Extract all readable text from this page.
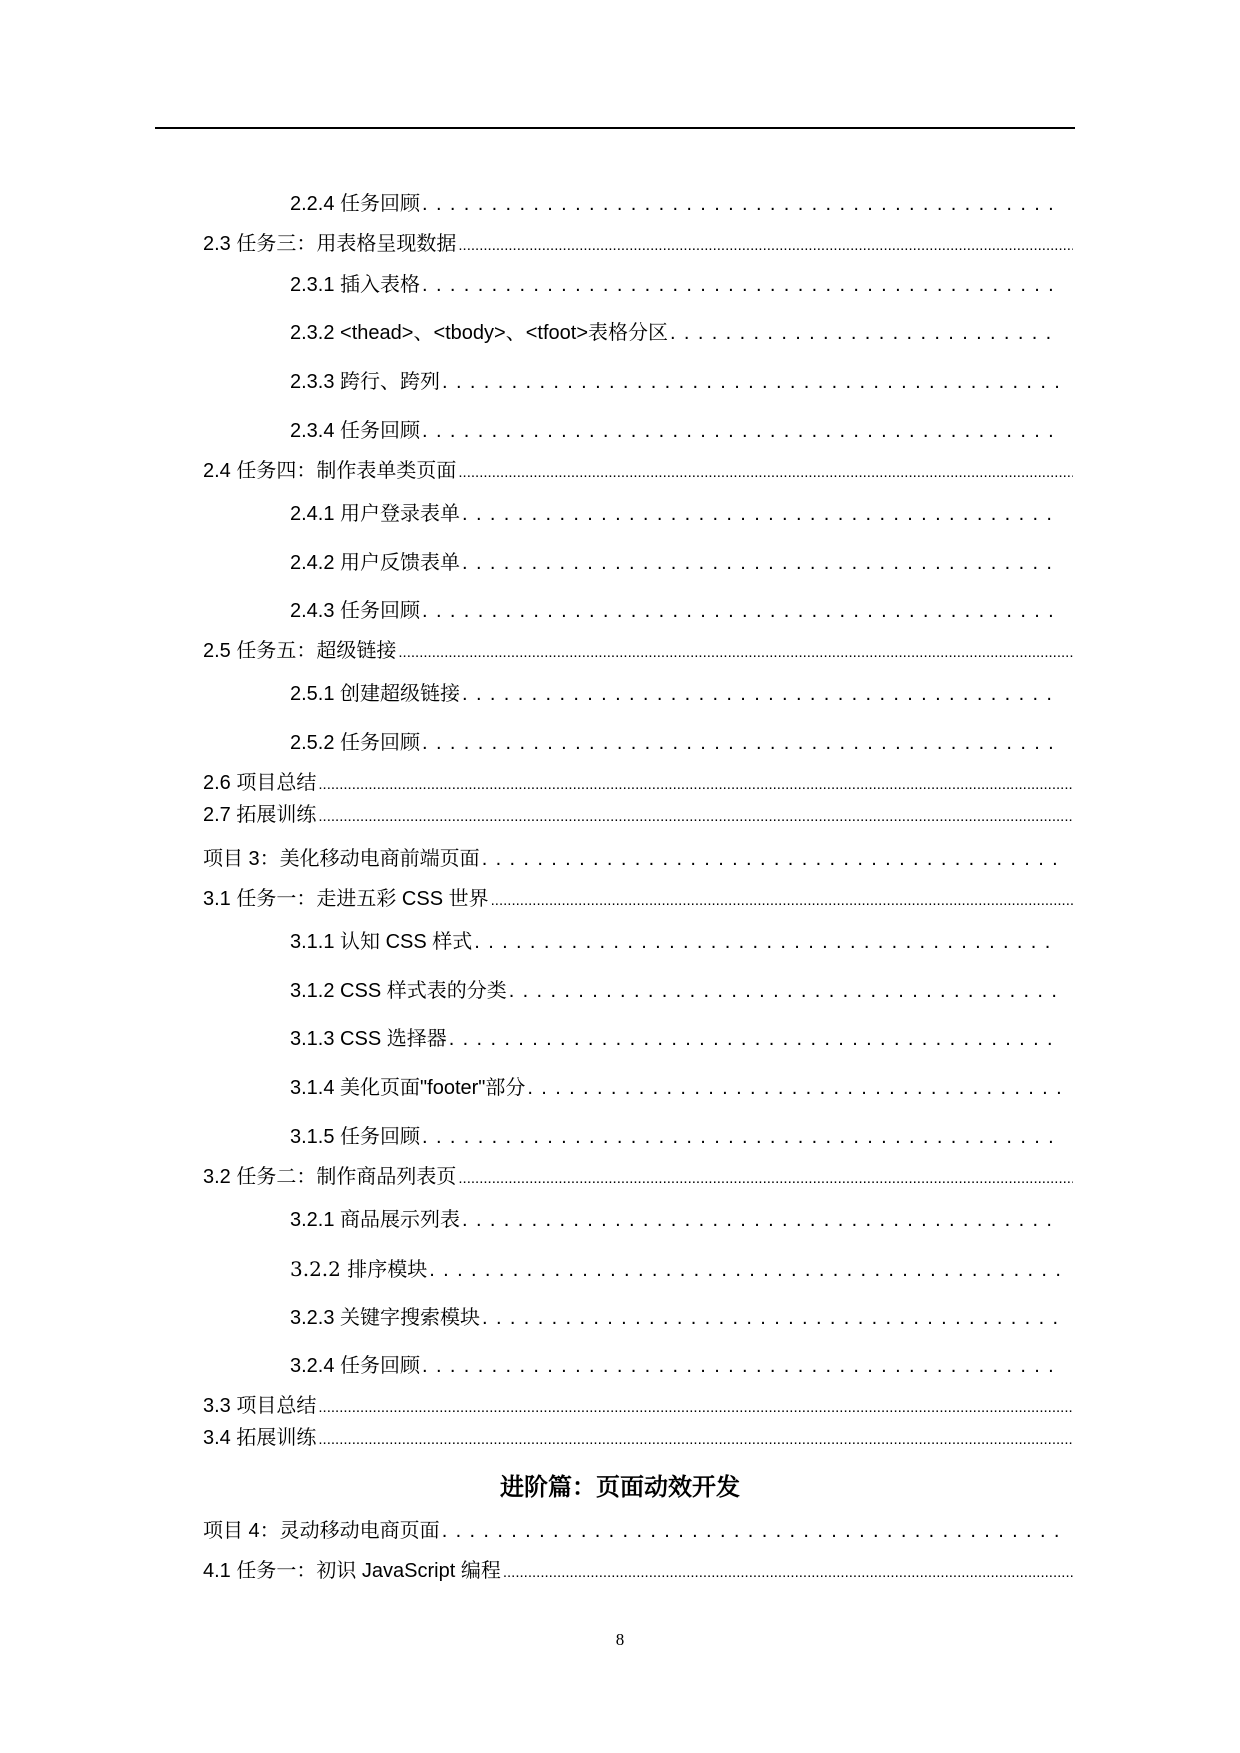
2.2.4 任务回顾
. . .
2.3 任务三：用表格呈现数据
.....
2.3.1 插入表格
. . .
2.3.2 <thead>、<tbody>、<tfoot>表格分区
. . .
2.3.3 跨行、跨列
. . .
2.3.4 任务回顾
. . .
2.4 任务四：制作表单类页面
.....
2.4.1 用户登录表单
. . .
2.4.2 用户反馈表单
. . .
2.4.3 任务回顾
. . .
2.5 任务五：超级链接
.....
2.5.1 创建超级链接
. . .
2.5.2 任务回顾
. . .
2.6 项目总结
.....
2.7 拓展训练
.....
项目 3：美化移动电商前端页面
. . .
3.1 任务一：走进五彩 CSS 世界
.....
3.1.1 认知 CSS 样式
. . .
3.1.2 CSS 样式表的分类
. . .
3.1.3 CSS 选择器
. . .
3.1.4 美化页面"footer"部分
. . .
3.1.5 任务回顾
. . .
3.2 任务二：制作商品列表页
.....
3.2.1 商品展示列表
. . .
3.2.2 排序模块
. . .
3.2.3 关键字搜索模块
. . .
3.2.4 任务回顾
. . .
3.3 项目总结
.....
3.4 拓展训练
.....
项目 4：灵动移动电商页面
. . .
4.1 任务一：初识 JavaScript 编程
.....
进阶篇：页面动效开发
8
